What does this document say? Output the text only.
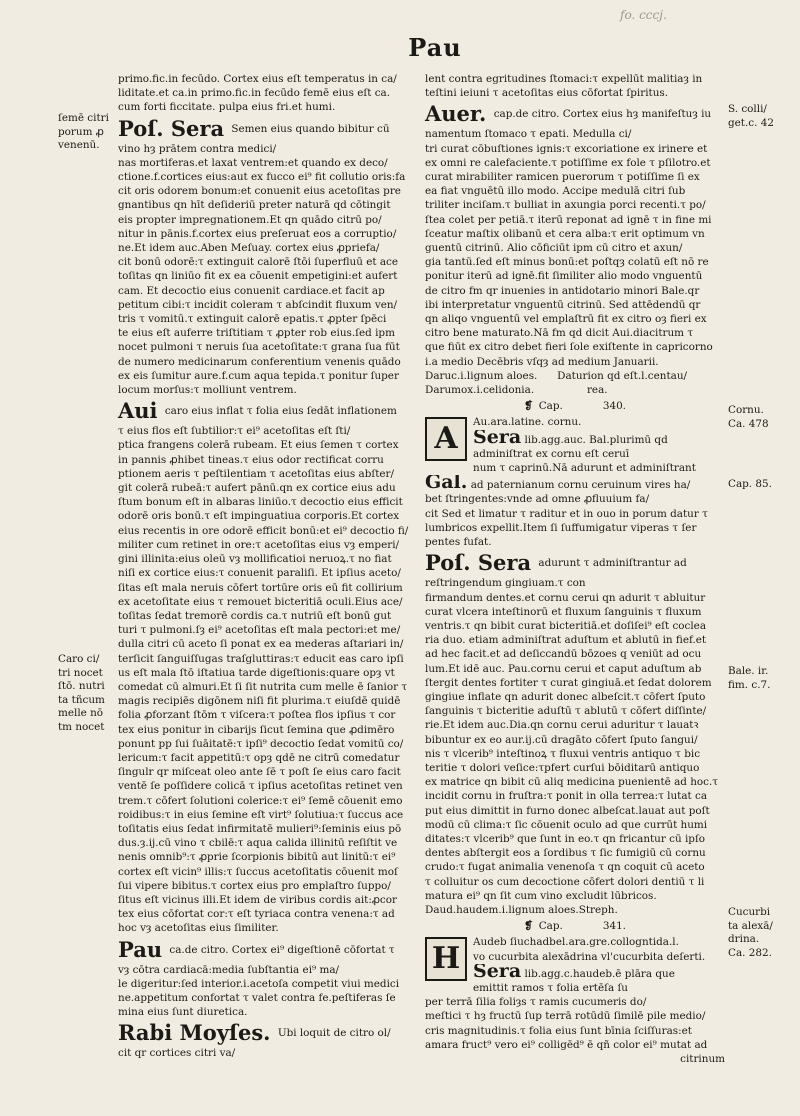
fo. cccj.
Pau
ſemē citri
porum ꝓ
venenū.
Caro ci/
tri nocet
ſtō. nutri
ta tñcum
melle nō
tm nocet
S. colli/
get.c. 42
Cornu.
Ca. 478
Cap. 85.
Bale. ir.
fim. c.7.
Cucurbi
ta alexā/
drina.
Ca. 282.
primo.fic.in fecūdo. Cortex eius eſt temperatus in ca/
liditate.et ca.in primo.fic.in fecūdo femē eius eſt ca.
cum forti ficcitate. pulpa eius fri.et humi.
Poſ. Sera $^{Semen eius quando bibitur cū}$
vino hȝ prātem contra medici/
nas mortiferas.et laxat ventrem:et quando ex deco/
ctione.f.cortices eius:aut ex fucco ei⁹ fit collutio oris:fa
cit oris odorem bonum:et conuenit eius acetoſitas pre
gnantibus qn hīt deſideriū preter naturā qd cōtingit
eis propter impregnationem.Et qn quādo citrū po/
nitur in pānis.f.cortex eius preſeruat eos a corruptio/
ne.Et idem auc.Aben Meſuay. cortex eius ꝓpriefa/
cit bonū odorē:τ extinguit calorē ſtōi ſuperfluū et ace
toſitas qn liniūo fit ex ea cōuenit empetigini:et aufert
cam. Et decoctio eius conuenit cardiace.et facit ap
petitum cibi:τ incidit coleram τ abſcindit fluxum ven/
tris τ vomitū.τ extinguit calorē epatis.τ ꝓpter ſpēci
te eius eſt auferre triſtitiam τ ꝓpter rob eius.ſed ipm
nocet pulmoni τ neruis ſua acetoſitate:τ grana ſua fūt
de numero medicinarum conferentium venenis quādo
ex eis ſumitur aure.f.cum aqua tepida.τ ponitur ſuper
locum morſus:τ molliunt ventrem.
Aui $^{caro eius inflat \tau folia eius ſedāt inflationem}$
τ eius flos eſt ſubtilior:τ ei⁹ acetoſitas eſt ſti/
ptica frangens colerā rubeam. Et eius ſemen τ cortex
in pannis ꝓhibet tineas.τ eius odor rectificat corru
ptionem aeris τ peſtilentiam τ acetoſitas eius abſter/
git colerā rubeā:τ aufert pānū.qn ex cortice eius adu
ſtum bonum eſt in albaras liniūo.τ decoctio eius efficit
odorē oris bonū.τ eſt impinguatiua corporis.Et cortex
eius recentis in ore odorē efficit bonū:et ei⁹ decoctio fi/
militer cum retinet in ore:τ acetoſitas eius vȝ emperi/
gini illinita:eius oleū vȝ mollificatioi neruoꝝ.τ no fiat
niſi ex cortice eius:τ conuenit paraliſi. Et ipſius aceto/
ſitas eſt mala neruis cōfert tortūre oris eū fit collirium
ex acetoſitate eius τ remouet bicteritiā oculi.Eius ace/
toſitas ſedat tremorē cordis ca.τ nutriū eſt bonū gut
turi τ pulmoni.ſȝ ei⁹ acetoſitas eſt mala pectori:et me/
dulla citri cū aceto ſi ponat ex ea mederas aſtariari in/
terſicit ſanguiſſugas traſgluttiras:τ educit eas caro ipſi
us eſt mala ſtō iſtatiua tarde digeſtionis:quare opȝ vt
comedat cū almuri.Et ſi ſit nutrita cum melle ē ſanior τ
magis recipiēs digōnem niſi fit plurima.τ eiuſdē quidē
folia ꝓforzant ſtōm τ viſcera:τ poſtea flos ipſius τ cor
tex eius ponitur in cibarijs ſicut ſemina que ꝓdimēro
ponunt pp ſui ſuāitatē:τ ipſi⁹ decoctio ſedat vomitū co/
lericum:τ facit appetitū:τ opȝ qdē ne citrū comedatur
ſingulr qr miſceat oleo ante ſē τ poſt ſe eius caro facit
ventē ſe poſſidere colicā τ ipſius acetoſitas retinet ven
trem.τ cōfert ſolutioni colerice:τ ei⁹ ſemē cōuenit emo
roidibus:τ in eius ſemine eſt virt⁹ ſolutiua:τ ſuccus ace
toſitatis eius ſedat infirmitatē mulieri⁹:ſeminis eius pō
dus.ȝ.ij.cū vino τ cbilē:τ aqua calida illinitū reſiſtit ve
nenis omnib⁹:τ ꝓprie ſcorpionis bibitū aut linitū:τ ei⁹
cortex eſt vicin⁹ illis:τ ſuccus acetoſitatis cōuenit moſ
ſui vipere bibitus.τ cortex eius pro emplaſtro ſuppo/
ſitus eſt vicinus illi.Et idem de viribus cordis ait:ꝓcor
tex eius cōfortat cor:τ eſt tyriaca contra venena:τ ad
hoc vȝ acetoſitas eius ſimiliter.
Pau $^{ca.de citro. Cortex ei^9 digeſtionē cōfortat \tau}$
vȝ cōtra cardiacā:media ſubſtantia ei⁹ ma/
le digeritur:ſed interior.i.acetoſa competit viui medici
ne.appetitum confortat τ valet contra fe.peſtiferas ſe
mina eius ſunt diuretica.
Rabi Moyſes. $^{Ubi loquit de citro ol/}$
cit qr cortices citri va/
lent contra egritudines ſtomaci:τ expellūt malitiaȝ in
teſtini ieiuni τ acetoſitas eius cōfortat ſpiritus.
Auer. $^{cap.de citro. Cortex eius hȝ manifeſtuȝ iu}$
namentum ſtomaco τ epati. Medulla ci/
tri curat cōbuſtiones ignis:τ excoriatione ex irinere et
ex omni re calefaciente.τ potiſſime ex fole τ pſilotro.et
curat mirabiliter ramicen puerorum τ potiſſime ſi ex
ea fiat vnguētū illo modo. Accipe medulā citri ſub
triliter inciſam.τ bulliat in axungia porci recenti.τ po/
ſtea colet per petiā.τ iterū reponat ad ignē τ in fine mi
ſceatur maſtix olibanū et cera alba:τ erit optimum vn
guentū citrinū. Alio cōficiūt ipm cū citro et axun/
gia tantū.ſed eſt minus bonū:et poſtqȝ colatū eſt nō re
ponitur iterū ad ignē.fit ſimiliter alio modo vnguentū
de citro fm qr inuenies in antidotario minori Bale.qr
ibi interpretatur vnguentū citrinū. Sed attēdendū qr
qn aliqo vnguentū vel emplaſtrū fit ex citro oȝ fieri ex
citro bene maturato.Nā fm qd dicit Aui.diacitrum τ
que fiūt ex citro debet fieri ſole exiſtente in capricorno
i.a medio Decēbris vſqȝ ad medium Januarii.
Daruc.i.lignum aloes.      Daturion qd eſt.l.centau/
Darumox.i.celidonia.                rea.
❡ Cap.	340.
A	Au.ara.latine. cornu.
Sera lib.agg.auc. Bal.plurimū qd
adminiſtrat ex cornu eſt ceruī
num τ caprinū.Nā adurunt et adminiſtrant
Gal. ad paternianum cornu ceruinum vires ha/
bet ſtringentes:vnde ad omne ꝓfluuium fa/
cit Sed et limatur τ raditur et in ouo in porum datur τ
lumbricos expellit.Item ſi ſuffumigatur viperas τ ſer
pentes fufat.
Poſ. Sera $^{adurunt \tau adminiſtrantur ad}$
reſtringendum gingiuam.τ con
firmandum dentes.et cornu cerui qn adurit τ abluitur
curat vlcera inteſtinorū et fluxum ſanguinis τ fluxum
ventris.τ qn bibit curat bicteritiā.et doſiſei⁹ eſt coclea
ria duo. etiam adminiſtrat aduſtum et ablutū in fief.et
ad hec facit.et ad deſiccandū bōzoes q veniūt ad ocu
lum.Et idē auc. Pau.cornu cerui et caput aduſtum ab
ſtergit dentes fortiter τ curat gingiuā.et ſedat dolorem
gingiue inflate qn adurit donec albeſcit.τ cōfert ſputo
ſanguinis τ bicteritie aduſtū τ ablutū τ cōfert diſſinte/
rie.Et idem auc.Dia.qn cornu cerui aduritur τ lauatꝛ
bibuntur ex eo aur.ij.cū dragāto cōfert ſputo ſangui/
nis τ vlcerib⁹ inteſtinoꝝ τ fluxui ventris antiquo τ bic
teritie τ dolori veſice:τpfert curſui bōiditarū antiquo
ex matrice qn bibit cū aliq medicina puenientē ad hoc.τ
incidit cornu in fruſtra:τ ponit in olla terrea:τ lutat ca
put eius dimittit in furno donec albeſcat.lauat aut poſt
modū cū clima:τ ſic cōuenit oculo ad que currūt humi
ditates:τ vlcerib⁹ que ſunt in eo.τ qn fricantur cū ipſo
dentes abſtergit eos a ſordibus τ ſic fumigiū cū cornu
crudo:τ fugat animalia venenoſa τ qn coquit cū aceto
τ colluitur os cum decoctione cōfert dolori dentiū τ li
matura ei⁹ qn ſit cum vino excludit lūbricos.
Daud.haudem.i.lignum aloes.Streph.
❡ Cap.	341.
H	Audeb ſiuchadbel.ara.gre.collogntida.l.
vo cucurbita alexādrina vl'cucurbita deſerti.
Sera lib.agg.c.haudeb.ē plāra que
emittit ramos τ folia ertēſa ſu
per terrā ſilia foliȝs τ ramis cucumeris do/
meſtici τ hȝ fructū ſup terrā rotūdū ſimilē pile medio/
cris magnitudinis.τ folia eius ſunt bīnia ſciſſuras:et
amara fruct⁹ vero ei⁹ colligēd⁹ ē qñ color ei⁹ mutat ad
citrinum
